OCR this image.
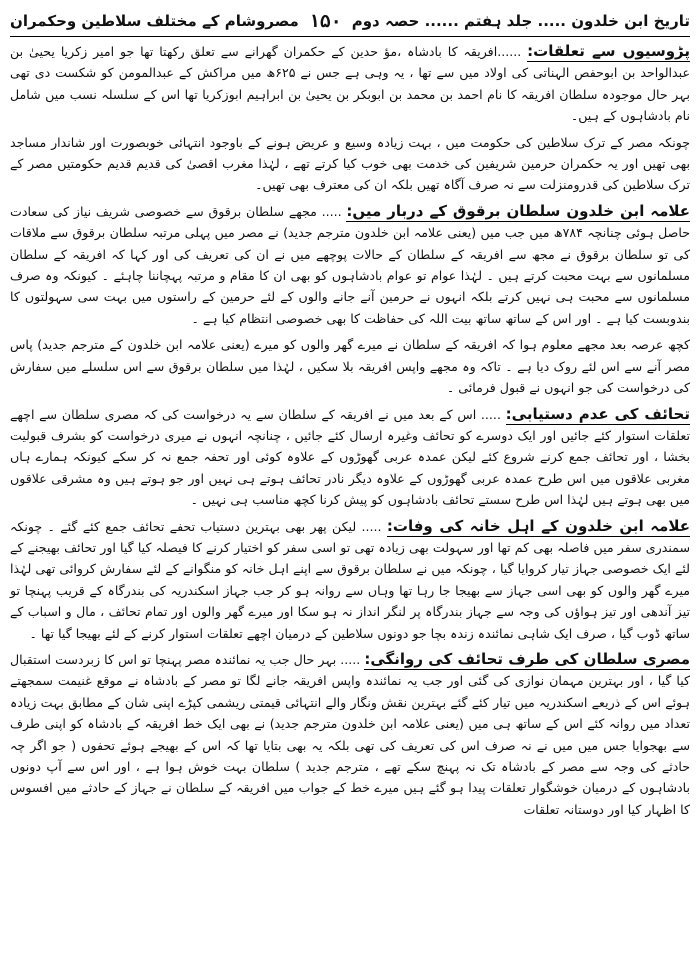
تاریخ ابن خلدون ..... جلد ہفتم ...... حصہ دوم
۱۵۰
مصروشام کے مختلف سلاطین وحکمران

پڑوسیوں سے تعلقات: ......افریقہ کا بادشاہ ،مؤ حدین کے حکمران گھرانے سے تعلق رکھتا تھا جو امیر زکریا یحییٰ بن عبدالواحد بن ابوحفص الہناتی کی اولاد میں سے تھا ، یہ وہی ہے جس نے ۶۲۵ھ میں مراکش کے عبدالمومن کو شکست دی تھی بہر حال موجودہ سلطان افریقہ کا نام احمد بن محمد بن ابوبکر بن یحییٰ بن ابراہیم ابوزکریا تھا اس کے سلسلہ نسب میں شامل نام بادشاہوں کے ہیں۔

چونکہ مصر کے ترک سلاطین کی حکومت میں ، بہت زیادہ وسیع و عریض ہونے کے باوجود انتہائی خوبصورت اور شاندار مساجد بھی تھیں اور یہ حکمران حرمین شریفین کی خدمت بھی خوب کیا کرتے تھے ، لہٰذا مغرب اقصیٰ کی قدیم قدیم حکومتیں مصر کے ترک سلاطین کی قدرومنزلت سے نہ صرف آگاہ تھیں بلکہ ان کی معترف بھی تھیں۔

علامہ ابن خلدون سلطان برقوق کے دربار میں: ..... مجھے سلطان برقوق سے خصوصی شریف نیاز کی سعادت حاصل ہوئی چنانچہ ۷۸۴ھ میں جب میں (یعنی علامہ ابن خلدون مترجم جدید) نے مصر میں پہلی مرتبہ سلطان برقوق سے ملاقات کی تو سلطان برقوق نے مجھ سے افریقہ کے سلطان کے حالات پوچھے میں نے ان کی تعریف کی اور کہا کہ افریقہ کے سلطان مسلمانوں سے بہت محبت کرتے ہیں ۔ لہٰذا عوام تو عوام بادشاہوں کو بھی ان کا مقام و مرتبہ پہچاننا چاہئے ۔ کیونکہ وہ صرف مسلمانوں سے محبت ہی نہیں کرتے بلکہ انہوں نے حرمین آنے جانے والوں کے لئے حرمین کے راستوں میں بہت سی سہولتوں کا بندوبست کیا ہے ۔ اور اس کے ساتھ ساتھ بیت اللہ کی حفاظت کا بھی خصوصی انتظام کیا ہے ۔

کچھ عرصہ بعد مجھے معلوم ہوا کہ افریقہ کے سلطان نے میرے گھر والوں کو میرے (یعنی علامہ ابن خلدون کے مترجم جدید) پاس مصر آنے سے اس لئے روک دیا ہے ۔ تاکہ وہ مجھے واپس افریقہ بلا سکیں ، لہٰذا میں سلطان برقوق سے اس سلسلے میں سفارش کی درخواست کی جو انہوں نے قبول فرمائی ۔

تحائف کی عدم دستیابی: ..... اس کے بعد میں نے افریقہ کے سلطان سے یہ درخواست کی کہ مصری سلطان سے اچھے تعلقات استوار کئے جائیں اور ایک دوسرے کو تحائف وغیرہ ارسال کئے جائیں ، چنانچہ انہوں نے میری درخواست کو بشرف قبولیت بخشا ، اور تحائف جمع کرنے شروع کئے لیکن عمدہ عربی گھوڑوں کے علاوہ کوئی اور تحفہ جمع نہ کر سکے کیونکہ ہمارے ہاں مغربی علاقوں میں اس طرح عمدہ عربی گھوڑوں کے علاوہ دیگر نادر تحائف ہوتے ہی نہیں اور جو ہوتے ہیں وہ مشرقی علاقوں میں بھی ہوتے ہیں لہٰذا اس طرح سستے تحائف بادشاہوں کو پیش کرنا کچھ مناسب ہی نہیں ۔

علامہ ابن خلدون کے اہل خانہ کی وفات: ..... لیکن پھر بھی بہترین دستیاب تحفے تحائف جمع کئے گئے ۔ چونکہ سمندری سفر میں فاصلہ بھی کم تھا اور سہولت بھی زیادہ تھی تو اسی سفر کو اختیار کرنے کا فیصلہ کیا گیا اور تحائف بھیجنے کے لئے ایک خصوصی جہاز تیار کروایا گیا ، چونکہ میں نے سلطان برقوق سے اپنے اہل خانہ کو منگوانے کے لئے سفارش کروائی تھی لہٰذا میرے گھر والوں کو بھی اسی جہاز سے بھیجا جا رہا تھا وہاں سے روانہ ہو کر جب جہاز اسکندریہ کی بندرگاہ کے قریب پہنچا تو تیز آندھی اور تیز ہواؤں کی وجہ سے جہاز بندرگاہ پر لنگر انداز نہ ہو سکا اور میرے گھر والوں اور تمام تحائف ، مال و اسباب کے ساتھ ڈوب گیا ، صرف ایک شاہی نمائندہ زندہ بچا جو دونوں سلاطین کے درمیان اچھے تعلقات استوار کرنے کے لئے بھیجا گیا تھا ۔

مصری سلطان کی طرف تحائف کی روانگی: ..... بہر حال جب یہ نمائندہ مصر پہنچا تو اس کا زبردست استقبال کیا گیا ، اور بہترین مہمان نوازی کی گئی اور جب یہ نمائندہ واپس افریقہ جانے لگا تو مصر کے بادشاہ نے موقع غنیمت سمجھتے ہوئے اس کے ذریعے اسکندریہ میں تیار کئے گئے بہترین نقش ونگار والے انتہائی قیمتی ریشمی کپڑے اپنی شان کے مطابق بہت زیادہ تعداد میں روانہ کئے اس کے ساتھ ہی میں (یعنی علامہ ابن خلدون مترجم جدید) نے بھی ایک خط افریقہ کے بادشاہ کو اپنی طرف سے بھجوایا جس میں میں نے نہ صرف اس کی تعریف کی تھی بلکہ یہ بھی بتایا تھا کہ اس کے بھیجے ہوئے تحفوں ( جو اگر چہ حادثے کی وجہ سے مصر کے بادشاہ تک نہ پہنچ سکے تھے ، مترجم جدید ) سلطان بہت خوش ہوا ہے ، اور اس سے آپ دونوں بادشاہوں کے درمیان خوشگوار تعلقات پیدا ہو گئے ہیں میرے خط کے جواب میں افریقہ کے سلطان نے جہاز کے حادثے میں افسوس کا اظہار کیا اور دوستانہ تعلقات
